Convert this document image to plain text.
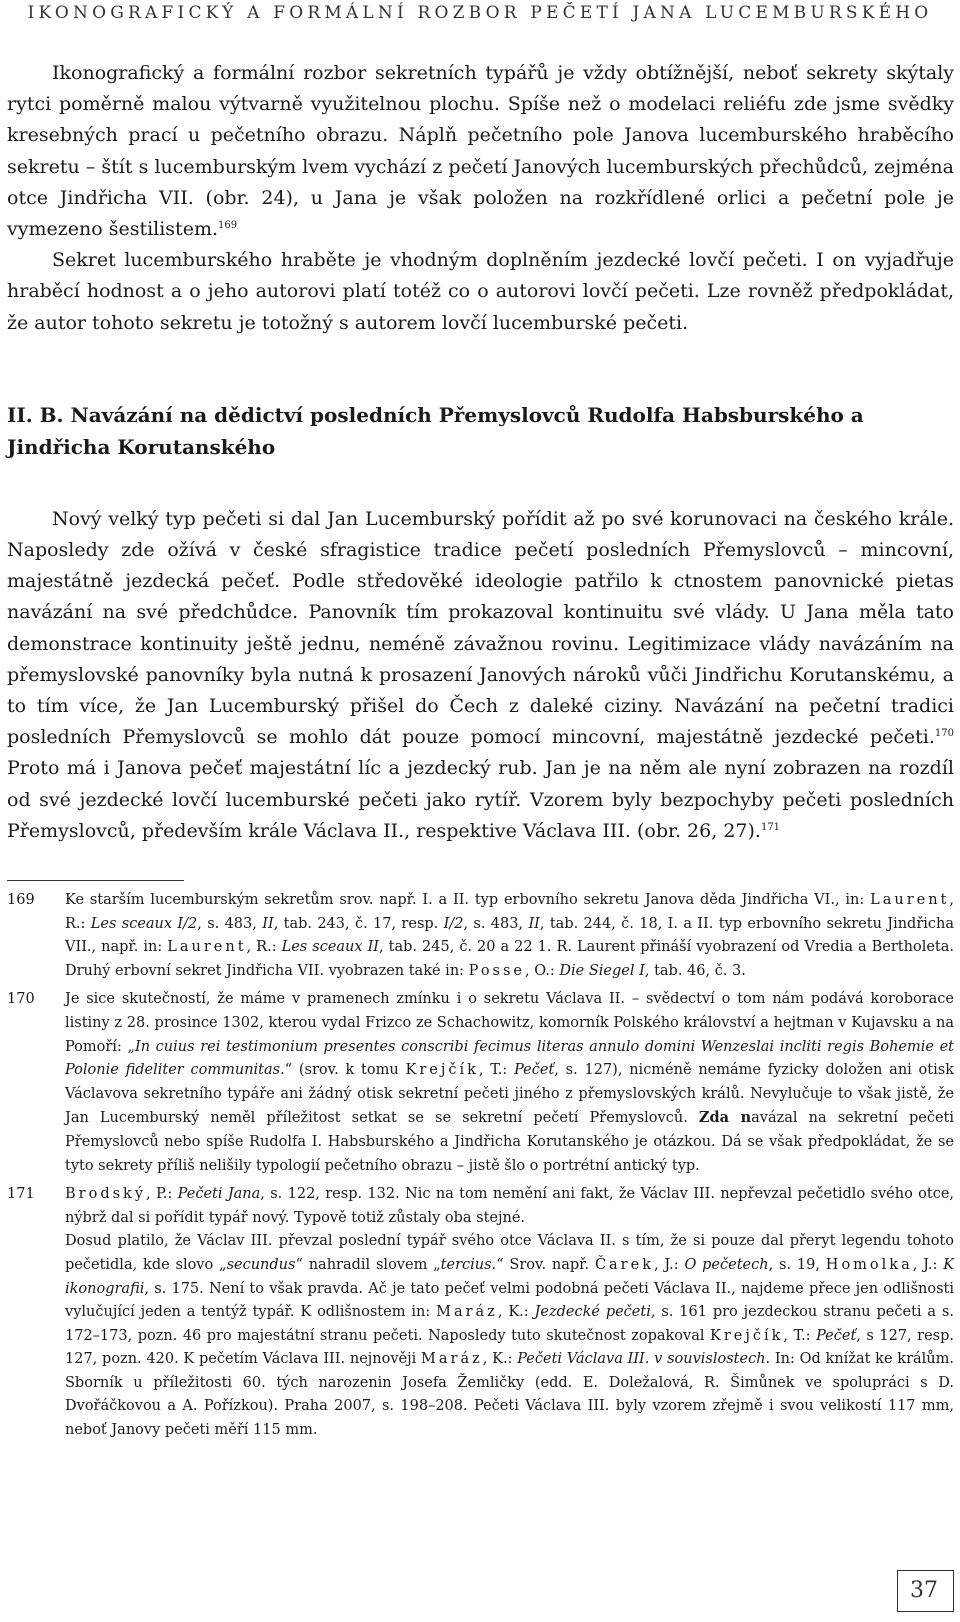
IKONOGRAFICKÝ A FORMÁLNÍ ROZBOR PEČETÍ JANA LUCEMBURSKÉHO

Ikonografický a formální rozbor sekretních typářů je vždy obtížnější, neboť sekrety skýtaly rytci poměrně malou výtvarně využitelnou plochu. Spíše než o modelaci reliéfu zde jsme svědky kresebných prací u pečetního obrazu. Náplň pečetního pole Janova lucemburského hraběcího sekretu – štít s lucemburským lvem vychází z pečetí Janových lucemburských přechůdců, zejména otce Jindřicha VII. (obr. 24), u Jana je však položen na rozkřídlené orlici a pečetní pole je vymezeno šestilistem.$^{169}$

Sekret lucemburského hraběte je vhodným doplněním jezdecké lovčí pečeti. I on vyjadřuje hraběcí hodnost a o jeho autorovi platí totéž co o autorovi lovčí pečeti. Lze rovněž předpokládat, že autor tohoto sekretu je totožný s autorem lovčí lucemburské pečeti.

II. B. Navázání na dědictví posledních Přemyslovců Rudolfa Habsburského a Jindřicha Korutanského

Nový velký typ pečeti si dal Jan Lucemburský pořídit až po své korunovaci na českého krále. Naposledy zde ožívá v české sfragistice tradice pečetí posledních Přemyslovců – mincovní, majestátně jezdecká pečeť. Podle středověké ideologie patřilo k ctnostem panovnické pietas navázání na své předchůdce. Panovník tím prokazoval kontinuitu své vlády. U Jana měla tato demonstrace kontinuity ještě jednu, neméně závažnou rovinu. Legitimizace vlády navázáním na přemyslovské panovníky byla nutná k prosazení Janových nároků vůči Jindřichu Korutanskému, a to tím více, že Jan Lucemburský přišel do Čech z daleké ciziny. Navázání na pečetní tradici posledních Přemyslovců se mohlo dát pouze pomocí mincovní, majestátně jezdecké pečeti.$^{170}$ Proto má i Janova pečeť majestátní líc a jezdecký rub. Jan je na něm ale nyní zobrazen na rozdíl od své jezdecké lovčí lucemburské pečeti jako rytíř. Vzorem byly bezpochyby pečeti posledních Přemyslovců, především krále Václava II., respektive Václava III. (obr. 26, 27).$^{171}$

169 Ke starším lucemburským sekretům srov. např. I. a II. typ erbovního sekretu Janova děda Jindřicha VI., in: Laurent, R.: Les sceaux I/2, s. 483, II, tab. 243, č. 17, resp. I/2, s. 483, II, tab. 244, č. 18, I. a II. typ erbovního sekretu Jindřicha VII., např. in: Laurent, R.: Les sceaux II, tab. 245, č. 20 a 22 1. R. Laurent přináší vyobrazení od Vredia a Bertholeta. Druhý erbovní sekret Jindřicha VII. vyobrazen také in: Posse, O.: Die Siegel I, tab. 46, č. 3.
170 Je sice skutečností, že máme v pramenech zmínku i o sekretu Václava II. – svědectví o tom nám podává koroborace listiny z 28. prosince 1302, kterou vydal Frizco ze Schachowitz, komorník Polského království a hejtman v Kujavsku a na Pomoří: „In cuius rei testimonium presentes conscribi fecimus literas annulo domini Wenzeslai incliti regis Bohemie et Polonie fideliter communitas.“ (srov. k tomu Krejčík, T.: Pečeť, s. 127), nicméně nemáme fyzicky doložen ani otisk Václavova sekretního typáře ani žádný otisk sekretní pečeti jiného z přemyslovských králů. Nevylučuje to však jistě, že Jan Lucemburský neměl příležitost setkat se se sekretní pečetí Přemyslovců. Zda navázal na sekretní pečeti Přemyslovců nebo spíše Rudolfa I. Habsburského a Jindřicha Korutanského je otázkou. Dá se však předpokládat, že se tyto sekrety příliš nelišily typologií pečetního obrazu – jistě šlo o portrétní antický typ.
171 Brodský, P.: Pečeti Jana, s. 122, resp. 132. Nic na tom nemění ani fakt, že Václav III. nepřevzal pečetidlo svého otce, nýbrž dal si pořídit typář nový. Typově totiž zůstaly oba stejné.
Dosud platilo, že Václav III. převzal poslední typář svého otce Václava II. s tím, že si pouze dal přeryt legendu tohoto pečetidla, kde slovo „secundus“ nahradil slovem „tercius.“ Srov. např. Čarek, J.: O pečetech, s. 19, Homolka, J.: K ikonografii, s. 175. Není to však pravda. Ač je tato pečeť velmi podobná pečeti Václava II., najdeme přece jen odlišnosti vylučující jeden a tentýž typář. K odlišnostem in: Maráz, K.: Jezdecké pečeti, s. 161 pro jezdeckou stranu pečeti a s. 172–173, pozn. 46 pro majestátní stranu pečeti. Naposledy tuto skutečnost zopakoval Krejčík, T.: Pečeť, s 127, resp. 127, pozn. 420. K pečetím Václava III. nejnověji Maráz, K.: Pečeti Václava III. v souvislostech. In: Od knížat ke králům. Sborník u příležitosti 60. tých narozenin Josefa Žemličky (edd. E. Doležalová, R. Šimůnek ve spolupráci s D. Dvořáčkovou a A. Pořízkou). Praha 2007, s. 198–208. Pečeti Václava III. byly vzorem zřejmě i svou velikostí 117 mm, neboť Janovy pečeti měří 115 mm.
37
